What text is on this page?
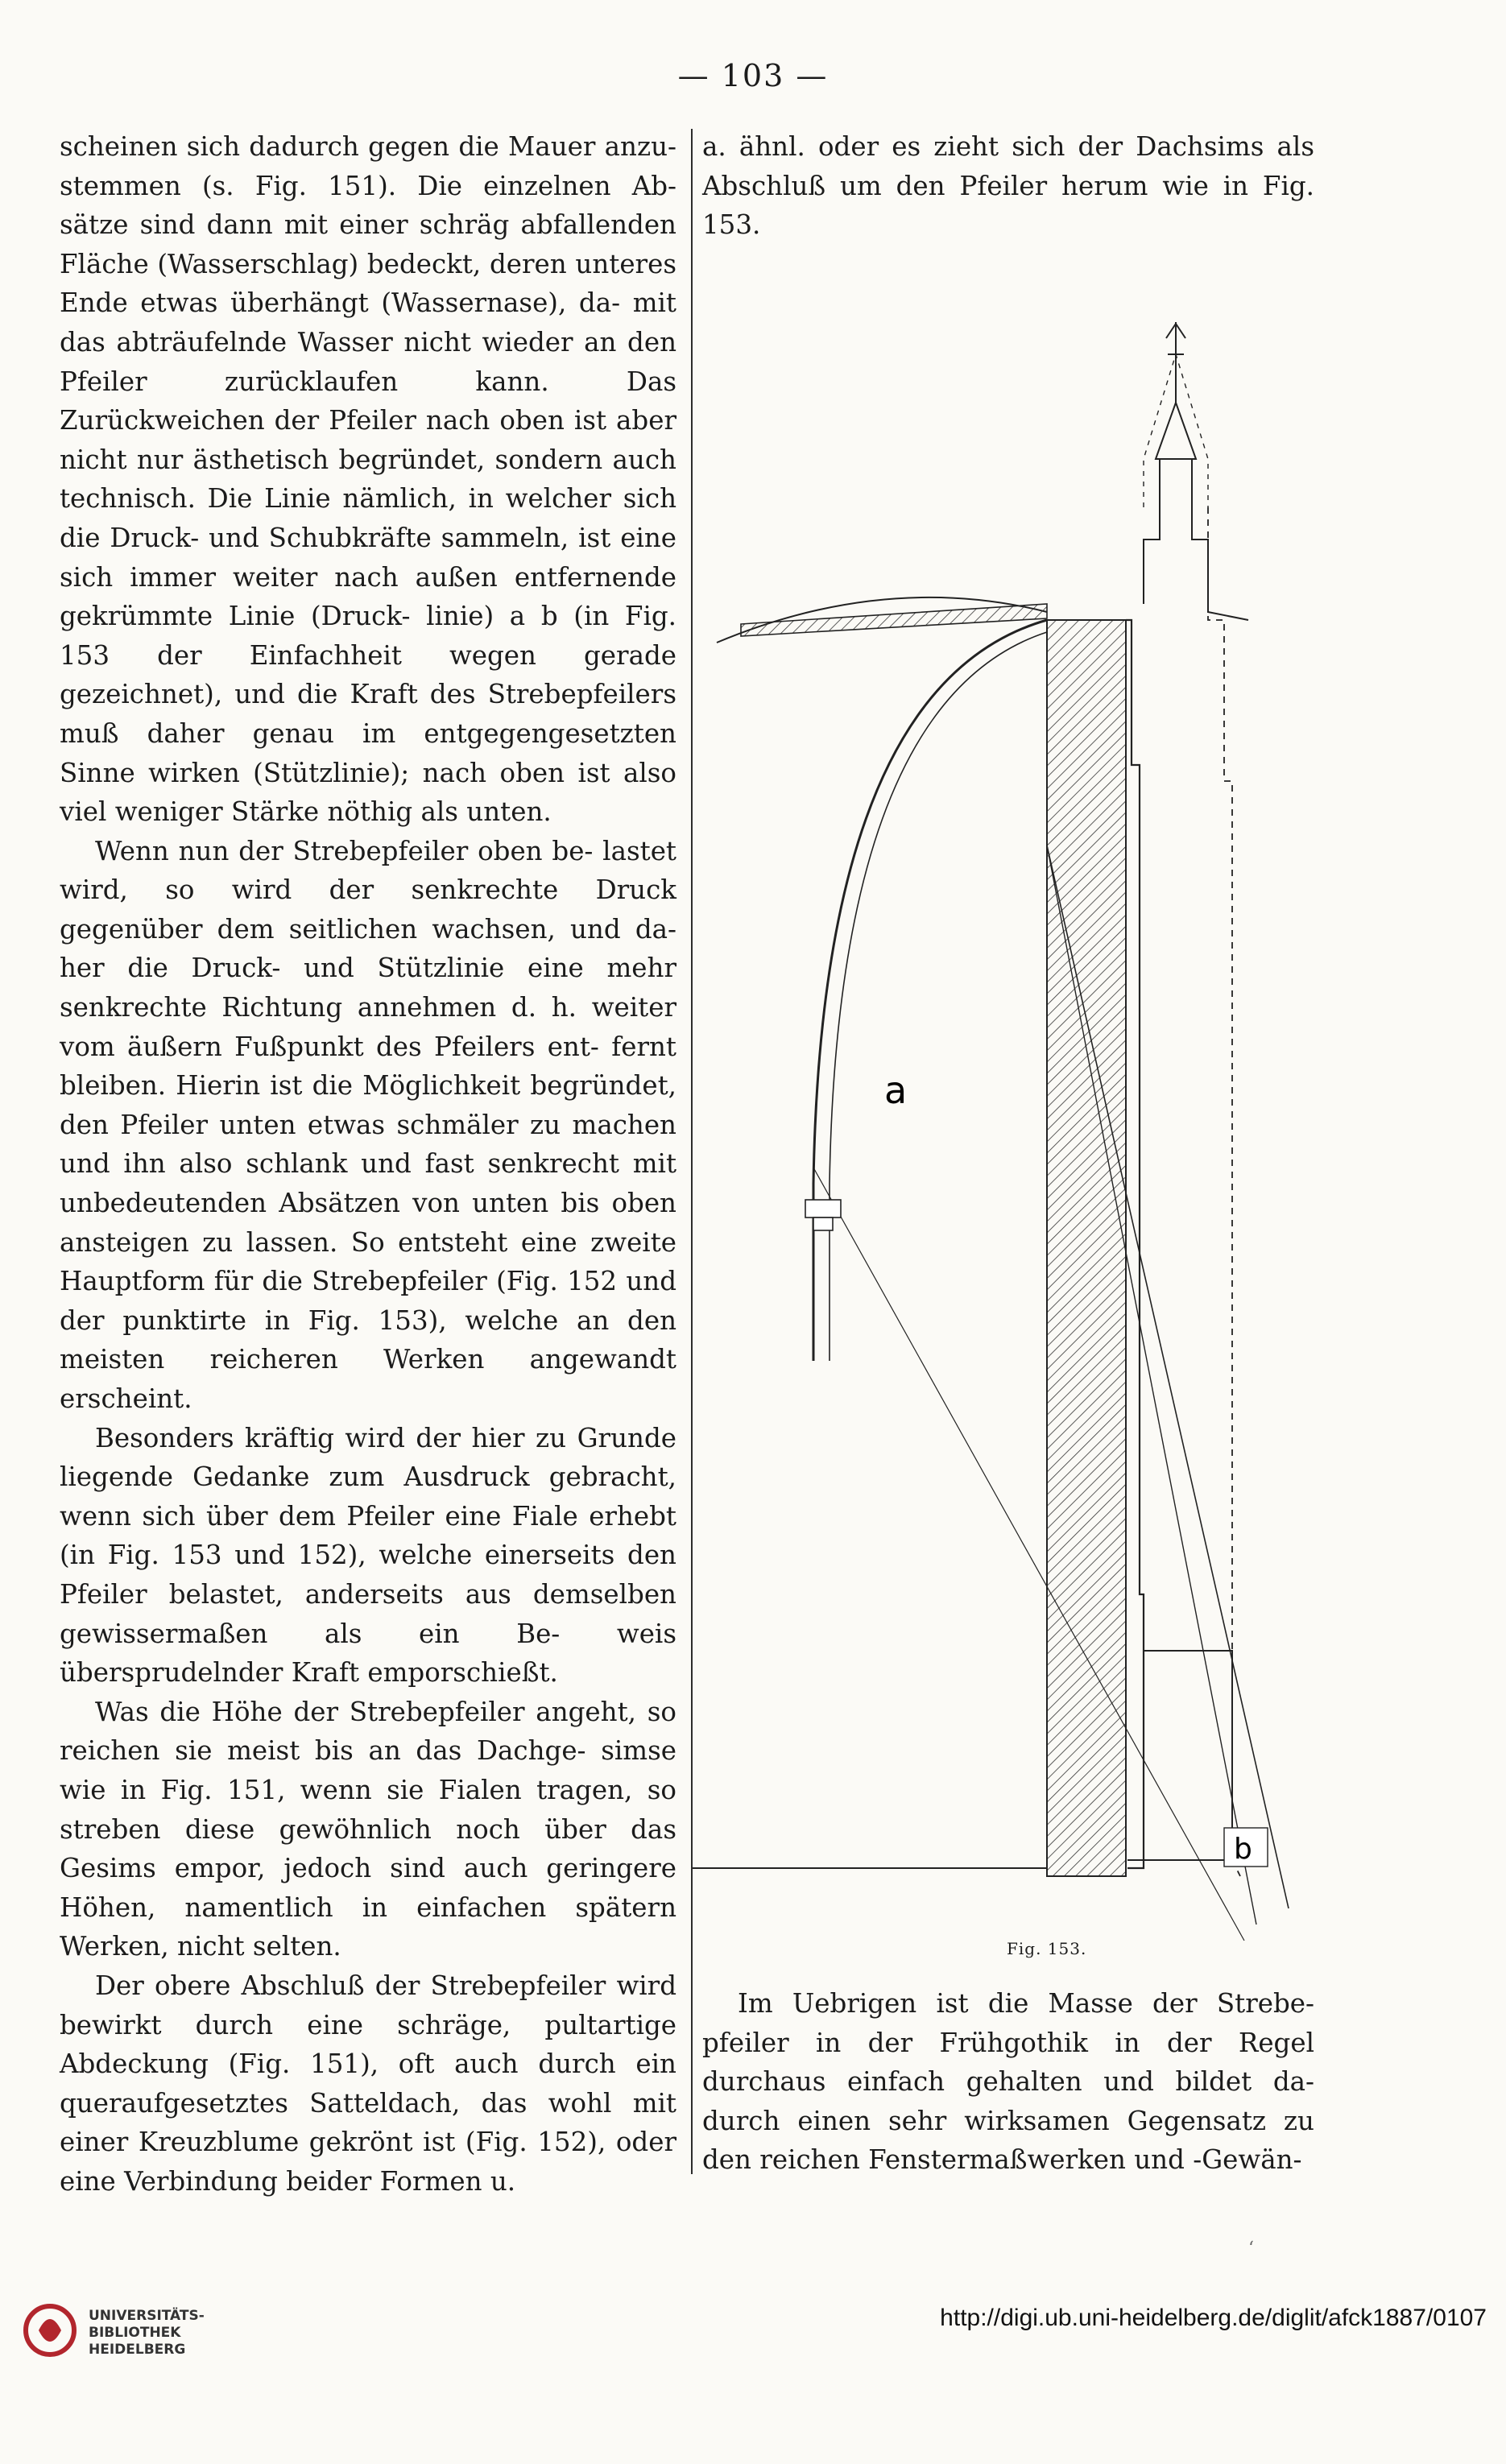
— 103 —

scheinen sich dadurch gegen die Mauer anzu- stemmen (s. Fig. 151). Die einzelnen Ab- sätze sind dann mit einer schräg abfallenden Fläche (Wasserschlag) bedeckt, deren unteres Ende etwas überhängt (Wassernase), da- mit das abträufelnde Wasser nicht wieder an den Pfeiler zurücklaufen kann. Das Zurückweichen der Pfeiler nach oben ist aber nicht nur ästhetisch begründet, sondern auch technisch. Die Linie nämlich, in welcher sich die Druck- und Schubkräfte sammeln, ist eine sich immer weiter nach außen entfernende gekrümmte Linie (Druck- linie) a b (in Fig. 153 der Einfachheit wegen gerade gezeichnet), und die Kraft des Strebepfeilers muß daher genau im entgegengesetzten Sinne wirken (Stützlinie); nach oben ist also viel weniger Stärke nöthig als unten.

Wenn nun der Strebepfeiler oben be- lastet wird, so wird der senkrechte Druck gegenüber dem seitlichen wachsen, und da- her die Druck- und Stützlinie eine mehr senkrechte Richtung annehmen d. h. weiter vom äußern Fußpunkt des Pfeilers ent- fernt bleiben. Hierin ist die Möglichkeit begründet, den Pfeiler unten etwas schmäler zu machen und ihn also schlank und fast senkrecht mit unbedeutenden Absätzen von unten bis oben ansteigen zu lassen. So entsteht eine zweite Hauptform für die Strebepfeiler (Fig. 152 und der punktirte in Fig. 153), welche an den meisten reicheren Werken angewandt erscheint.

Besonders kräftig wird der hier zu Grunde liegende Gedanke zum Ausdruck gebracht, wenn sich über dem Pfeiler eine Fiale erhebt (in Fig. 153 und 152), welche einerseits den Pfeiler belastet, anderseits aus demselben gewissermaßen als ein Be- weis übersprudelnder Kraft emporschießt.

Was die Höhe der Strebepfeiler angeht, so reichen sie meist bis an das Dachge- simse wie in Fig. 151, wenn sie Fialen tragen, so streben diese gewöhnlich noch über das Gesims empor, jedoch sind auch geringere Höhen, namentlich in einfachen spätern Werken, nicht selten.

Der obere Abschluß der Strebepfeiler wird bewirkt durch eine schräge, pultartige Abdeckung (Fig. 151), oft auch durch ein queraufgesetztes Satteldach, das wohl mit einer Kreuzblume gekrönt ist (Fig. 152), oder eine Verbindung beider Formen u.

a. ähnl. oder es zieht sich der Dachsims als Abschluß um den Pfeiler herum wie in Fig. 153.

a
b
Fig. 153.

Im Uebrigen ist die Masse der Strebe- pfeiler in der Frühgothik in der Regel durchaus einfach gehalten und bildet da- durch einen sehr wirksamen Gegensatz zu den reichen Fenstermaßwerken und -Gewän-

‘
UNIVERSITÄTS-
BIBLIOTHEK
HEIDELBERG
http://digi.ub.uni-heidelberg.de/diglit/afck1887/0107
